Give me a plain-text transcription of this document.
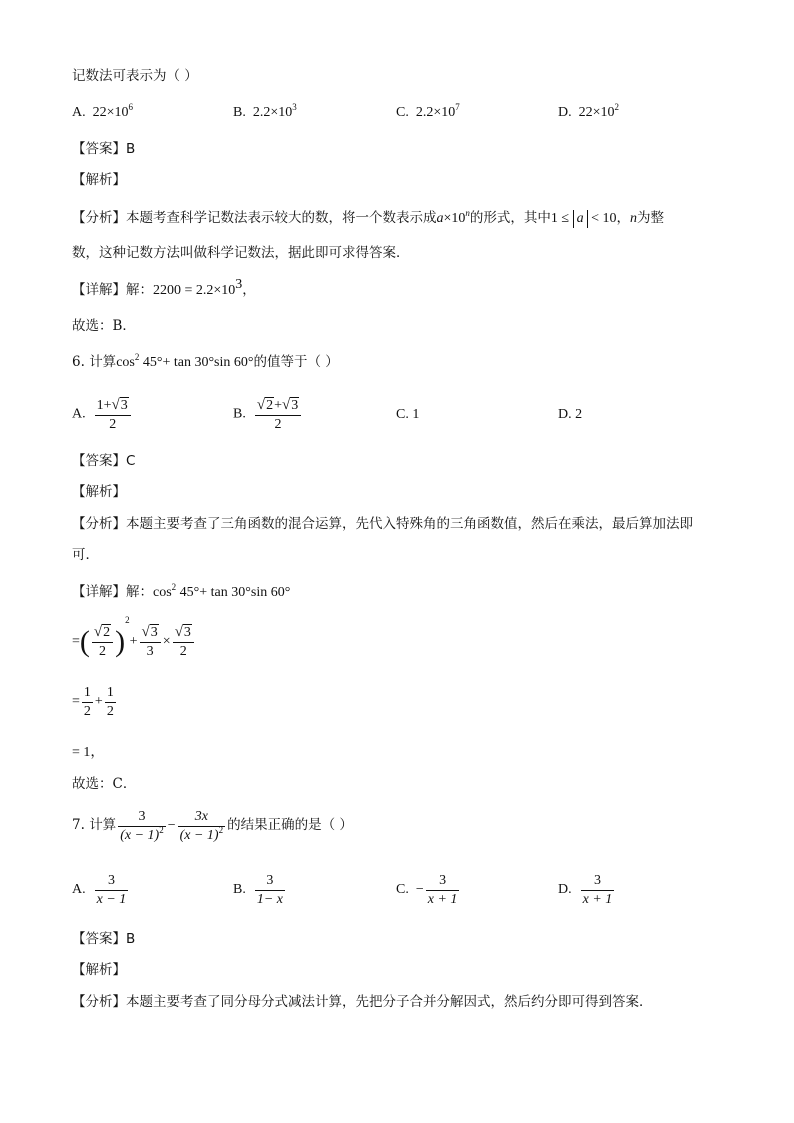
记数法可表示为（ ）
A. $22\times 10^6$	B. $2.2\times 10^3$	C. $2.2\times 10^7$	D. $22\times 10^2$
【答案】B
【解析】
【分析】本题考查科学记数法表示较大的数，将一个数表示成$a\times 10^n$的形式，其中1 ≤ a < 10，n为整
数，这种记数方法叫做科学记数法，据此即可求得答案．
【详解】解：$2200 = 2.2\times 10^3$，
故选：B．
6. 计算$\cos^2 45^\circ+ \tan 30^\circ\sin$ 60°的值等于（ ）
A. $\frac{1+√3}{2}$	B. $\frac{√2+√3}{2}$	C. 1	D. 2
【答案】C
【解析】
【分析】本题主要考查了三角函数的混合运算，先代入特殊角的三角函数值，然后在乘法，最后算加法即
可．
【详解】解：$\cos^2 45^\circ+ \tan 30^\circ\sin$ 60°
=( $\frac{√2}{2} )^2+ \frac{√3}{3} \times \frac{√3}{2}$
= $\frac{1}{2} + \frac{1}{2}$
= 1，
故选：C．
7. 计算 $\frac{3}{(x - 1)^2} - \frac{3x}{(x - 1)^2}$ 的结果正确的是（ ）
A. $\frac{3}{x - 1}$	B. $\frac{3}{1- x}$	C. − $\frac{3}{x + 1}$	D. $\frac{3}{x + 1}$
【答案】B
【解析】
【分析】本题主要考查了同分母分式减法计算，先把分子合并分解因式，然后约分即可得到答案．
